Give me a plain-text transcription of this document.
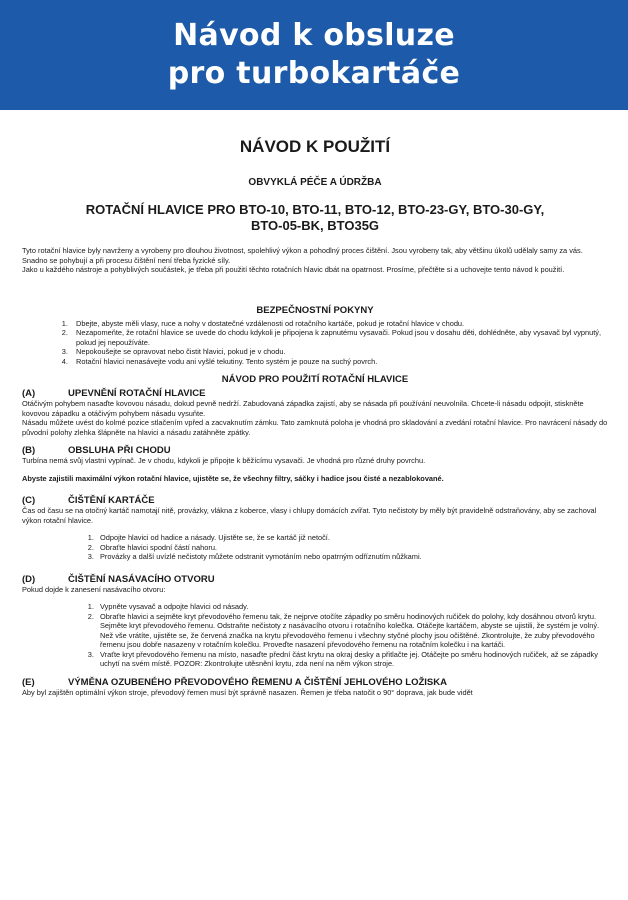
Návod k obsluze
pro turbokartáče
NÁVOD K POUŽITÍ
OBVYKLÁ PÉČE A ÚDRŽBA
ROTAČNÍ HLAVICE PRO BTO-10, BTO-11, BTO-12, BTO-23-GY, BTO-30-GY,
BTO-05-BK, BTO35G

Tyto rotační hlavice byly navrženy a vyrobeny pro dlouhou životnost, spolehlivý výkon a pohodlný proces čištění. Jsou vyrobeny tak, aby většinu úkolů udělaly samy za vás. Snadno se pohybují a při procesu čištění není třeba fyzické síly.

Jako u každého nástroje a pohyblivých součástek, je třeba při použití těchto rotačních hlavic dbát na opatrnost. Prosíme, přečtěte si a uchovejte tento návod k použití.

BEZPEČNOSTNÍ POKYNY
1. Dbejte, abyste měli vlasy, ruce a nohy v dostatečné vzdálenosti od rotačního kartáče, pokud je rotační hlavice v chodu.
2. Nezapomeňte, že rotační hlavice se uvede do chodu kdykoli je připojena k zapnutému vysavači. Pokud jsou v dosahu děti, dohlédněte, aby vysavač byl vypnutý, pokud jej nepoužíváte.
3. Nepokoušejte se opravovat nebo čistit hlavici, pokud je v chodu.
4. Rotační hlavici nenasávejte vodu ani vyšlé tekutiny. Tento systém je pouze na suchý povrch.
NÁVOD PRO POUŽITÍ ROTAČNÍ HLAVICE
(A)	UPEVNĚNÍ ROTAČNÍ HLAVICE

Otáčivým pohybem nasaďte kovovou násadu, dokud pevně nedrží. Zabudovaná západka zajistí, aby se násada při používání neuvolnila. Chcete-li násadu odpojit, stiskněte kovovou západku a otáčivým pohybem násadu vysuňte.

Násadu můžete uvést do kolmé pozice stlačením vpřed a zacvaknutím zámku. Tato zamknutá poloha je vhodná pro skladování a zvedání rotační hlavice. Pro navrácení násady do původní polohy zlehka šlápněte na hlavici a násadu zatáhněte zpátky.

(B)	OBSLUHA PŘI CHODU

Turbína nemá svůj vlastní vypínač. Je v chodu, kdykoli je připojte k běžícímu vysavači. Je vhodná pro různé druhy povrchu.

Abyste zajistili maximální výkon rotační hlavice, ujistěte se, že všechny filtry, sáčky i hadice jsou čisté a nezablokované.

(C)	ČIŠTĚNÍ KARTÁČE

Čas od času se na otočný kartáč namotají nitě, provázky, vlákna z koberce, vlasy i chlupy domácích zvířat. Tyto nečistoty by měly být pravidelně odstraňovány, aby se zachoval výkon rotační hlavice.

1. Odpojte hlavici od hadice a násady. Ujistěte se, že se kartáč již netočí.
2. Obraťte hlavici spodní částí nahoru.
3. Provázky a další uvízlé nečistoty můžete odstranit vymotáním nebo opatrným odříznutím nůžkami.
(D)	ČIŠTĚNÍ NASÁVACÍHO OTVORU

Pokud dojde k zanesení nasávacího otvoru:

1. Vypněte vysavač a odpojte hlavici od násady.
2. Obraťte hlavici a sejměte kryt převodového řemenu tak, že nejprve otočíte západky po směru hodinových ručiček do polohy, kdy dosáhnou otvorů krytu. Sejměte kryt převodového řemenu. Odstraňte nečistoty z nasávacího otvoru i rotačního kolečka. Otáčejte kartáčem, abyste se ujistili, že systém je volný. Než vše vrátíte, ujistěte se, že červená značka na krytu převodového řemenu i všechny styčné plochy jsou očištěné. Zkontrolujte, že zuby převodového řemenu jsou dobře nasazeny v rotačním kolečku. Proveďte nasazení převodového řemenu na rotačním kolečku i na kartáči.
3. Vraťte kryt převodového řemenu na místo, nasaďte přední část krytu na okraj desky a přitlačte jej. Otáčejte po směru hodinových ručiček, až se západky uchytí na svém místě. POZOR: Zkontrolujte utěsnění krytu, zda není na něm výkon stroje.
(E)	VÝMĚNA OZUBENÉHO PŘEVODOVÉHO ŘEMENU A ČIŠTĚNÍ JEHLOVÉHO LOŽISKA

Aby byl zajištěn optimální výkon stroje, převodový řemen musí být správně nasazen. Řemen je třeba natočit o 90° doprava, jak bude vidět
